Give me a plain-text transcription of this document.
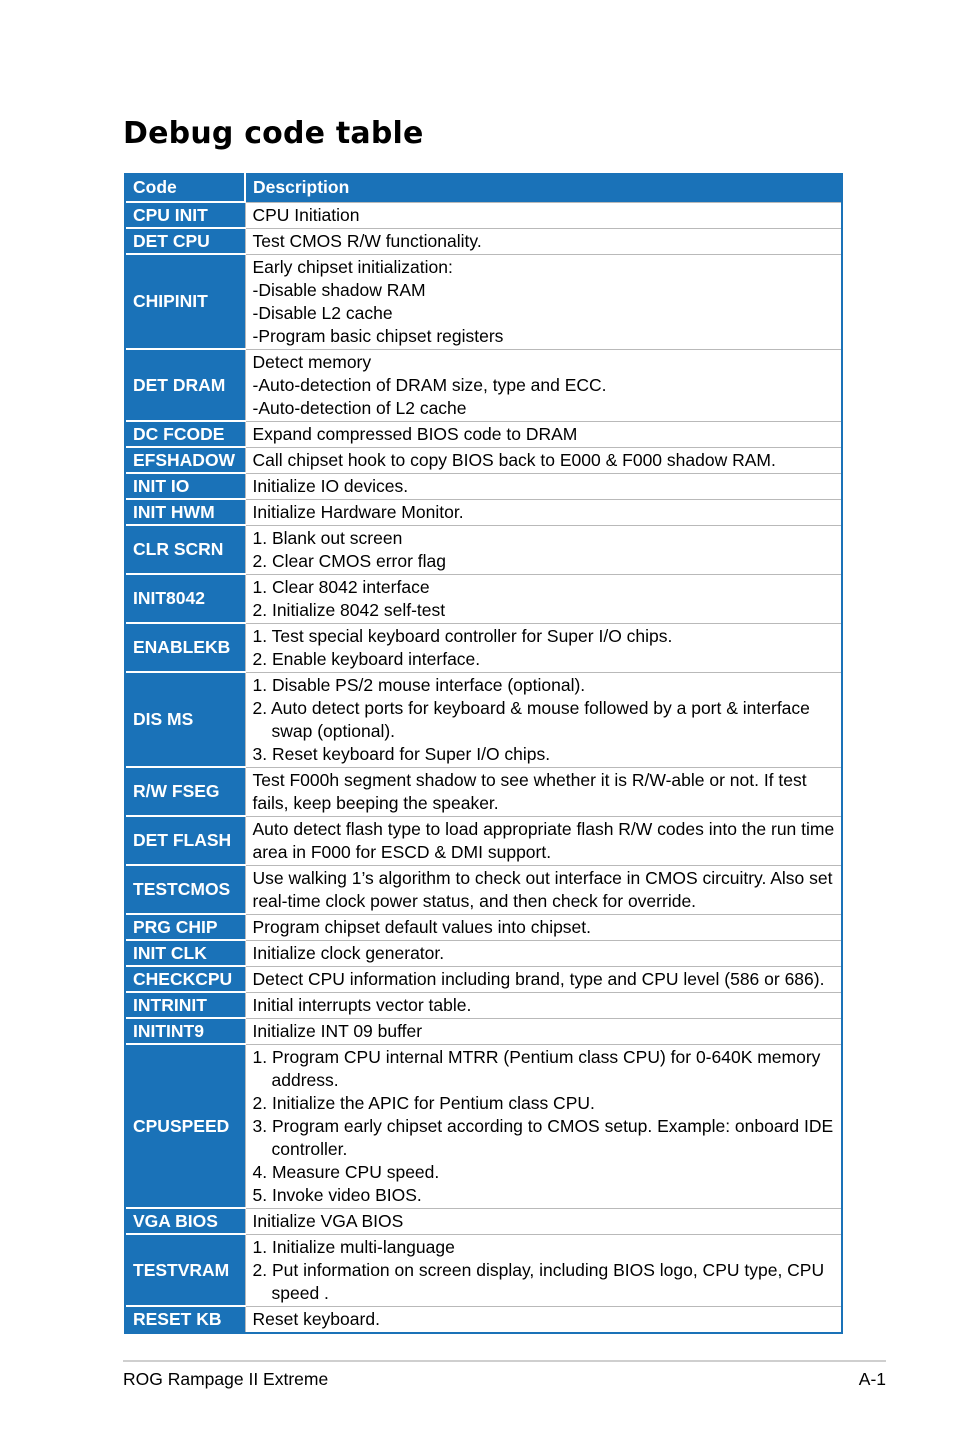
Debug code table
Code	Description
CPU INIT	CPU Initiation

DET CPU	Test CMOS R/W functionality.

CHIPINIT	Early chipset initialization:
-Disable shadow RAM
-Disable L2 cache
-Program basic chipset registers

DET DRAM	Detect memory
-Auto-detection of DRAM size, type and ECC.
-Auto-detection of L2 cache

DC FCODE	Expand compressed BIOS code to DRAM

EFSHADOW	Call chipset hook to copy BIOS back to E000 & F000 shadow RAM.

INIT IO	Initialize IO devices.

INIT HWM	Initialize Hardware Monitor.

CLR SCRN	1. Blank out screen
2. Clear CMOS error flag

INIT8042	1. Clear 8042 interface
2. Initialize 8042 self-test

ENABLEKB	1. Test special keyboard controller for Super I/O chips.
2. Enable keyboard interface.

DIS MS	1. Disable PS/2 mouse interface (optional).
2. Auto detect ports for keyboard & mouse followed by a port & interface swap (optional).
3. Reset keyboard for Super I/O chips.

R/W FSEG	Test F000h segment shadow to see whether it is R/W-able or not. If test fails, keep beeping the speaker.

DET FLASH	Auto detect flash type to load appropriate flash R/W codes into the run time area in F000 for ESCD & DMI support.

TESTCMOS	Use walking 1’s algorithm to check out interface in CMOS circuitry. Also set real-time clock power status, and then check for override.

PRG CHIP	Program chipset default values into chipset.

INIT CLK	Initialize clock generator.

CHECKCPU	Detect CPU information including brand, type and CPU level (586 or 686).

INTRINIT	Initial interrupts vector table.

INITINT9	Initialize INT 09 buffer

CPUSPEED	1. Program CPU internal MTRR (Pentium class CPU) for 0-640K memory address.
2. Initialize the APIC for Pentium class CPU.
3. Program early chipset according to CMOS setup. Example: onboard IDE controller.
4. Measure CPU speed.
5. Invoke video BIOS.

VGA BIOS	Initialize VGA BIOS

TESTVRAM	1. Initialize multi-language
2. Put information on screen display, including BIOS logo, CPU type, CPU speed .

RESET KB	Reset keyboard.
ROG Rampage II Extreme	A-1
